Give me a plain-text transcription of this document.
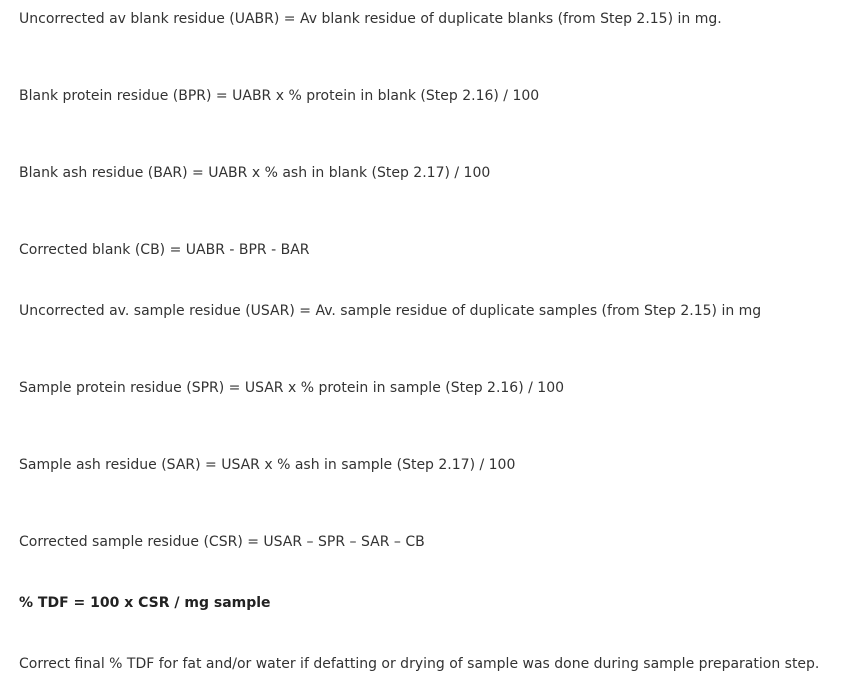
Uncorrected av blank residue (UABR) = Av blank residue of duplicate blanks (from Step 2.15) in mg.
Blank protein residue (BPR) = UABR x % protein in blank (Step 2.16) / 100
Blank ash residue (BAR) = UABR x % ash in blank (Step 2.17) / 100
Corrected blank (CB) = UABR - BPR - BAR
Uncorrected av. sample residue (USAR) = Av. sample residue of duplicate samples (from Step 2.15) in mg
Sample protein residue (SPR) = USAR x % protein in sample (Step 2.16) / 100
Sample ash residue (SAR) = USAR x % ash in sample (Step 2.17) / 100
Corrected sample residue (CSR) = USAR – SPR – SAR – CB
% TDF = 100 x CSR / mg sample
Correct final % TDF for fat and/or water if defatting or drying of sample was done during sample preparation step.
